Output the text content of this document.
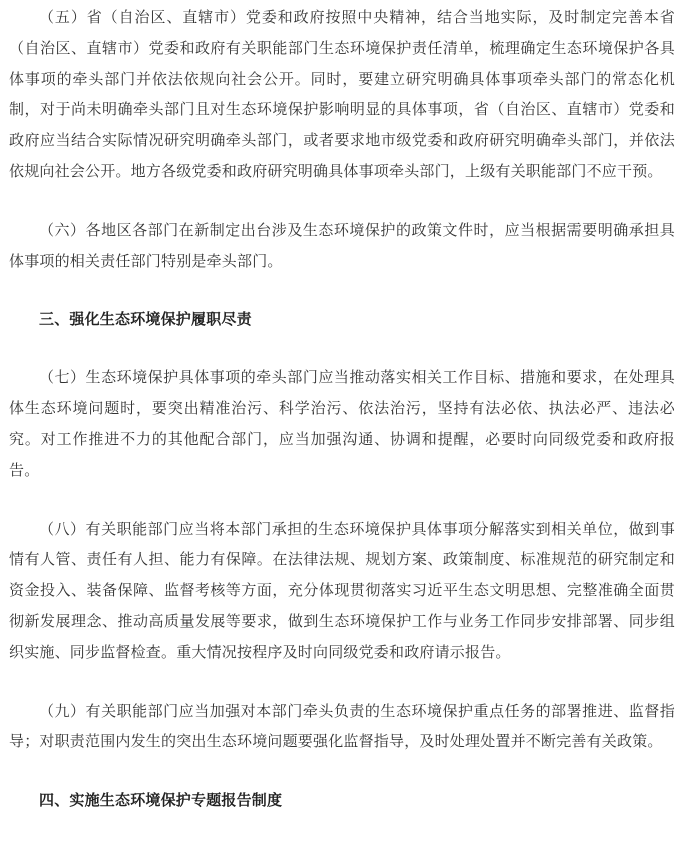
（五）省（自治区、直辖市）党委和政府按照中央精神，结合当地实际，及时制定完善本省（自治区、直辖市）党委和政府有关职能部门生态环境保护责任清单，梳理确定生态环境保护各具体事项的牵头部门并依法依规向社会公开。同时，要建立研究明确具体事项牵头部门的常态化机制，对于尚未明确牵头部门且对生态环境保护影响明显的具体事项，省（自治区、直辖市）党委和政府应当结合实际情况研究明确牵头部门，或者要求地市级党委和政府研究明确牵头部门，并依法依规向社会公开。地方各级党委和政府研究明确具体事项牵头部门，上级有关职能部门不应干预。

（六）各地区各部门在新制定出台涉及生态环境保护的政策文件时，应当根据需要明确承担具体事项的相关责任部门特别是牵头部门。

三、强化生态环境保护履职尽责

（七）生态环境保护具体事项的牵头部门应当推动落实相关工作目标、措施和要求，在处理具体生态环境问题时，要突出精准治污、科学治污、依法治污，坚持有法必依、执法必严、违法必究。对工作推进不力的其他配合部门，应当加强沟通、协调和提醒，必要时向同级党委和政府报告。

（八）有关职能部门应当将本部门承担的生态环境保护具体事项分解落实到相关单位，做到事情有人管、责任有人担、能力有保障。在法律法规、规划方案、政策制度、标准规范的研究制定和资金投入、装备保障、监督考核等方面，充分体现贯彻落实习近平生态文明思想、完整准确全面贯彻新发展理念、推动高质量发展等要求，做到生态环境保护工作与业务工作同步安排部署、同步组织实施、同步监督检查。重大情况按程序及时向同级党委和政府请示报告。

（九）有关职能部门应当加强对本部门牵头负责的生态环境保护重点任务的部署推进、监督指导；对职责范围内发生的突出生态环境问题要强化监督指导，及时处理处置并不断完善有关政策。

四、实施生态环境保护专题报告制度
